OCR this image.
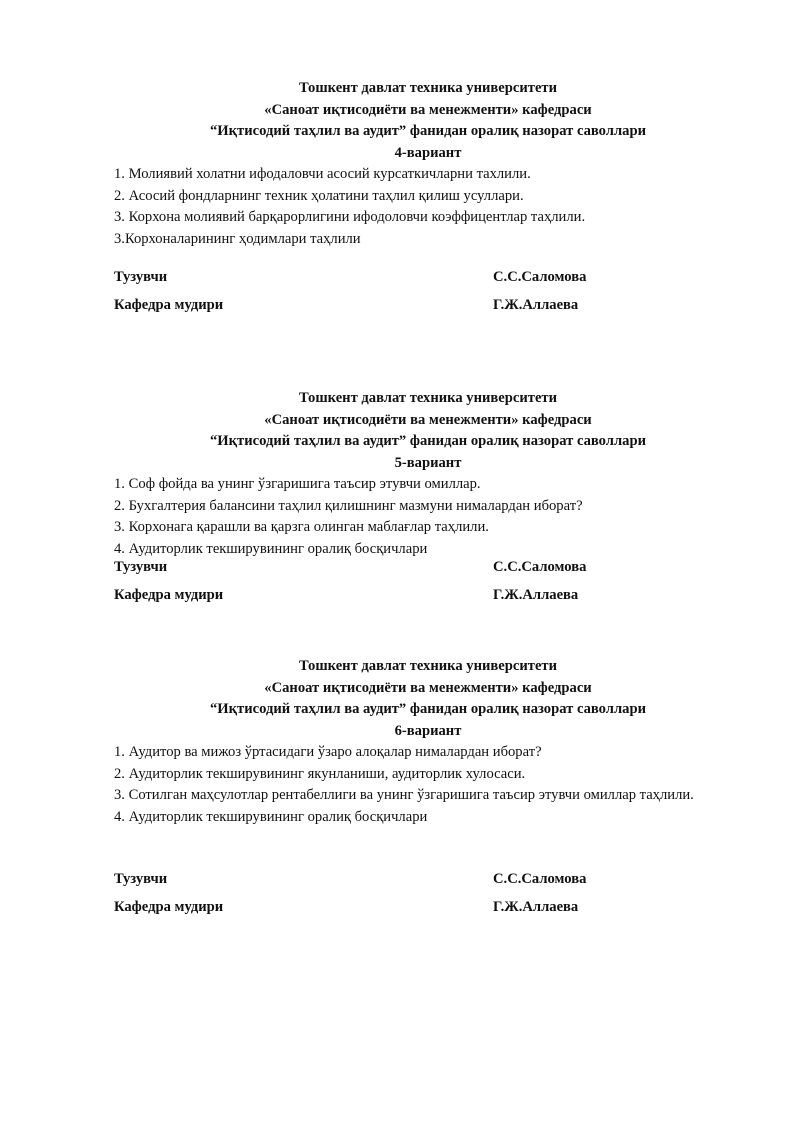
Тошкент давлат техника университети

«Саноат иқтисодиёти ва менежменти» кафедраси

“Иқтисодий таҳлил ва аудит” фанидан оралиқ назорат саволлари

4-вариант

1. Молиявий холатни ифодаловчи асосий курсаткичларни тахлили.

2. Асосий фондларнинг техник ҳолатини таҳлил қилиш усуллари.

3. Корхона молиявий барқарорлигини ифодоловчи коэффицентлар таҳлили.

3.Корхоналарининг ҳодимлари таҳлили

Тузувчи	С.С.Саломова
Кафедра мудири	Г.Ж.Аллаева

Тошкент давлат техника университети

«Саноат иқтисодиёти ва менежменти» кафедраси

“Иқтисодий таҳлил ва аудит” фанидан оралиқ назорат саволлари

5-вариант

1. Соф фойда ва унинг ўзгаришига таъсир этувчи омиллар.

2. Бухгалтерия балансини таҳлил қилишнинг мазмуни нималардан иборат?

3. Корхонага қарашли ва қарзга олинган маблағлар таҳлили.

4. Аудиторлик текширувининг оралиқ босқичлари

Тузувчи	С.С.Саломова
Кафедра мудири	Г.Ж.Аллаева

Тошкент давлат техника университети

«Саноат иқтисодиёти ва менежменти» кафедраси

“Иқтисодий таҳлил ва аудит” фанидан оралиқ назорат саволлари

6-вариант

1. Аудитор ва мижоз ўртасидаги ўзаро алоқалар нималардан иборат?

2. Аудиторлик текширувининг якунланиши, аудиторлик хулосаси.

3. Сотилган маҳсулотлар рентабеллиги ва унинг ўзгаришига таъсир этувчи омиллар таҳлили.

4. Аудиторлик текширувининг оралиқ босқичлари

Тузувчи	С.С.Саломова
Кафедра мудири	Г.Ж.Аллаева
